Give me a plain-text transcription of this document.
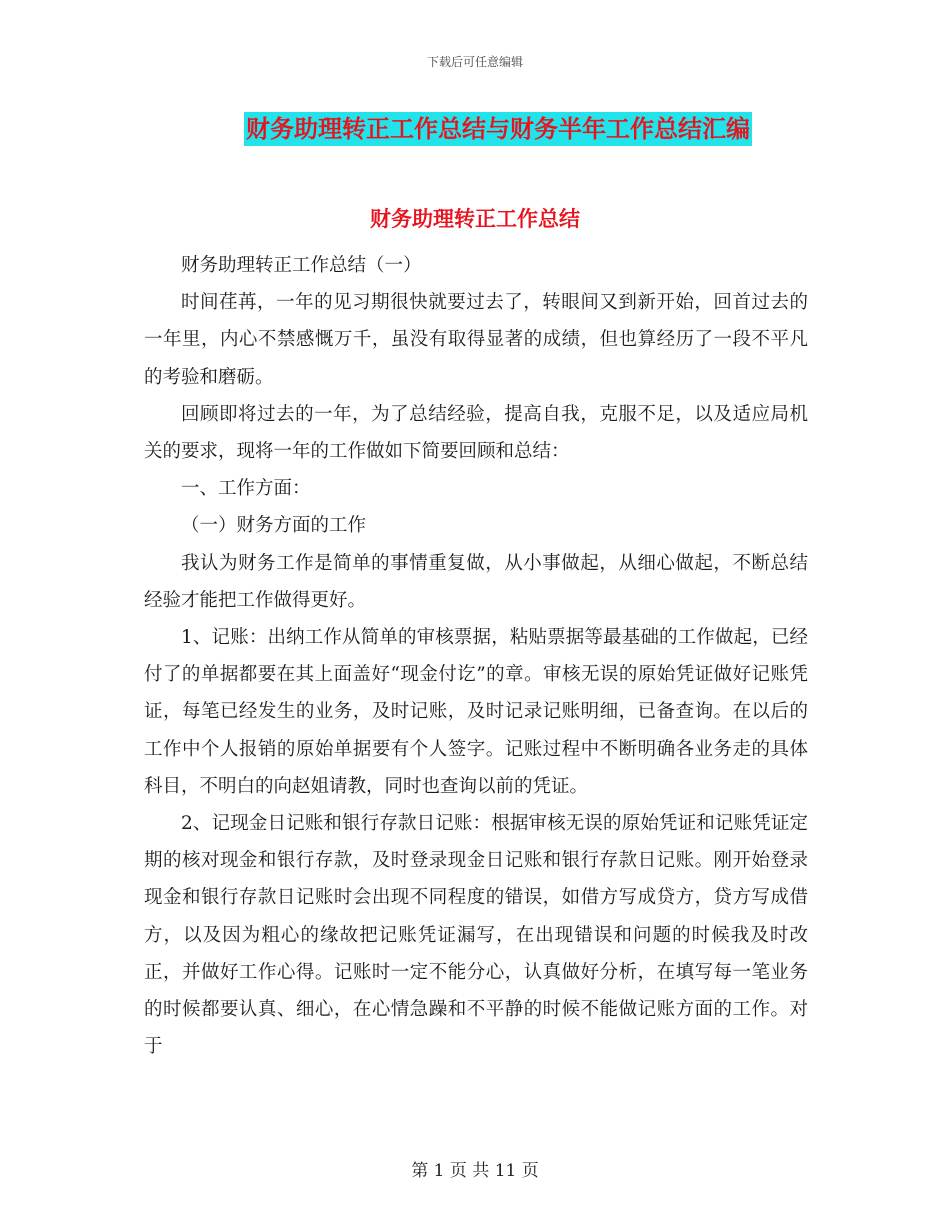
下载后可任意编辑
财务助理转正工作总结与财务半年工作总结汇编
财务助理转正工作总结

财务助理转正工作总结（一）

时间荏苒，一年的见习期很快就要过去了，转眼间又到新开始，回首过去的一年里，内心不禁感慨万千，虽没有取得显著的成绩，但也算经历了一段不平凡的考验和磨砺。

回顾即将过去的一年，为了总结经验，提高自我，克服不足，以及适应局机关的要求，现将一年的工作做如下简要回顾和总结：

一、工作方面：

（一）财务方面的工作

我认为财务工作是简单的事情重复做，从小事做起，从细心做起，不断总结经验才能把工作做得更好。

1、记账：出纳工作从简单的审核票据，粘贴票据等最基础的工作做起，已经付了的单据都要在其上面盖好“现金付讫”的章。审核无误的原始凭证做好记账凭证，每笔已经发生的业务，及时记账，及时记录记账明细，已备查询。在以后的工作中个人报销的原始单据要有个人签字。记账过程中不断明确各业务走的具体科目，不明白的向赵姐请教，同时也查询以前的凭证。

2、记现金日记账和银行存款日记账：根据审核无误的原始凭证和记账凭证定期的核对现金和银行存款，及时登录现金日记账和银行存款日记账。刚开始登录现金和银行存款日记账时会出现不同程度的错误，如借方写成贷方，贷方写成借方，以及因为粗心的缘故把记账凭证漏写，在出现错误和问题的时候我及时改正，并做好工作心得。记账时一定不能分心，认真做好分析，在填写每一笔业务的时候都要认真、细心，在心情急躁和不平静的时候不能做记账方面的工作。对于

第 1 页 共 11 页
